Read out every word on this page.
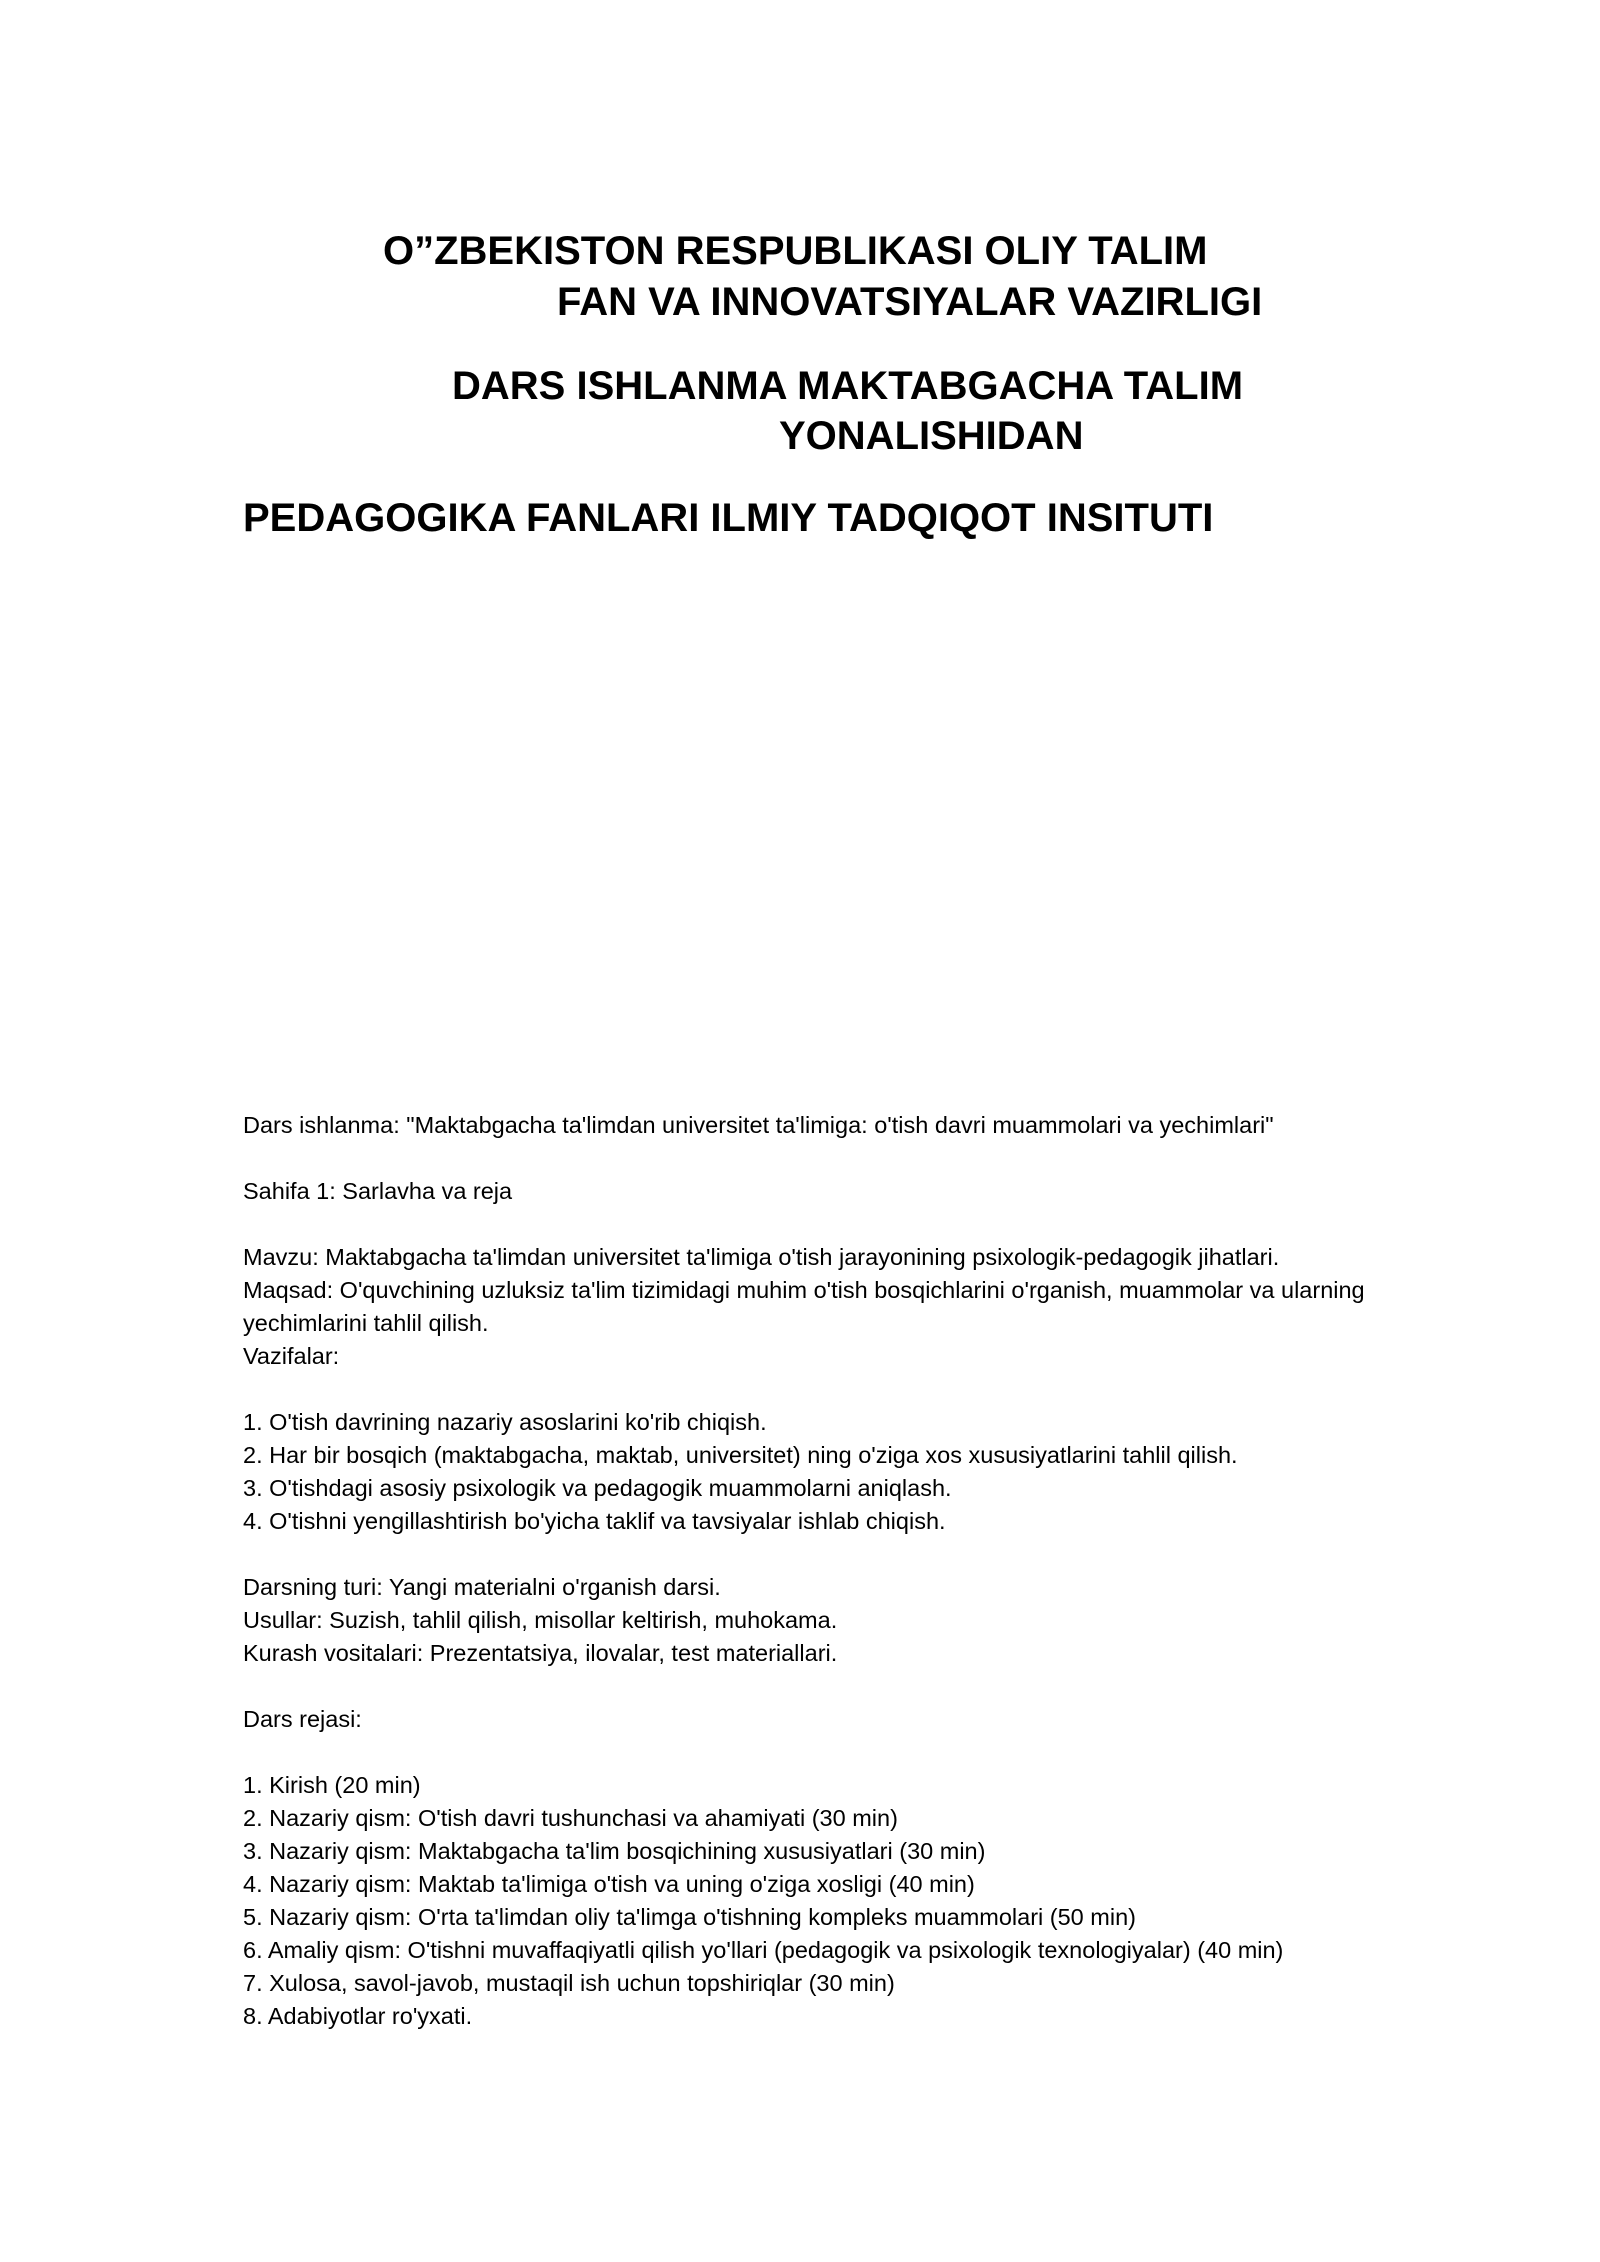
O”ZBEKISTON RESPUBLIKASI OLIY TALIM
FAN VA INNOVATSIYALAR VAZIRLIGI
DARS ISHLANMA MAKTABGACHA TALIM
YONALISHIDAN
PEDAGOGIKA FANLARI ILMIY TADQIQOT INSITUTI

Dars ishlanma: "Maktabgacha ta'limdan universitet ta'limiga: o'tish davri muammolari va yechimlari"

Sahifa 1: Sarlavha va reja

Mavzu: Maktabgacha ta'limdan universitet ta'limiga o'tish jarayonining psixologik-pedagogik jihatlari.

Maqsad: O'quvchining uzluksiz ta'lim tizimidagi muhim o'tish bosqichlarini o'rganish, muammolar va ularning yechimlarini tahlil qilish.

Vazifalar:

1. O'tish davrining nazariy asoslarini ko'rib chiqish.

2. Har bir bosqich (maktabgacha, maktab, universitet) ning o'ziga xos xususiyatlarini tahlil qilish.

3. O'tishdagi asosiy psixologik va pedagogik muammolarni aniqlash.

4. O'tishni yengillashtirish bo'yicha taklif va tavsiyalar ishlab chiqish.

Darsning turi: Yangi materialni o'rganish darsi.

Usullar: Suzish, tahlil qilish, misollar keltirish, muhokama.

Kurash vositalari: Prezentatsiya, ilovalar, test materiallari.

Dars rejasi:

1. Kirish (20 min)

2. Nazariy qism: O'tish davri tushunchasi va ahamiyati (30 min)

3. Nazariy qism: Maktabgacha ta'lim bosqichining xususiyatlari (30 min)

4. Nazariy qism: Maktab ta'limiga o'tish va uning o'ziga xosligi (40 min)

5. Nazariy qism: O'rta ta'limdan oliy ta'limga o'tishning kompleks muammolari (50 min)

6. Amaliy qism: O'tishni muvaffaqiyatli qilish yo'llari (pedagogik va psixologik texnologiyalar) (40 min)

7. Xulosa, savol-javob, mustaqil ish uchun topshiriqlar (30 min)

8. Adabiyotlar ro'yxati.
